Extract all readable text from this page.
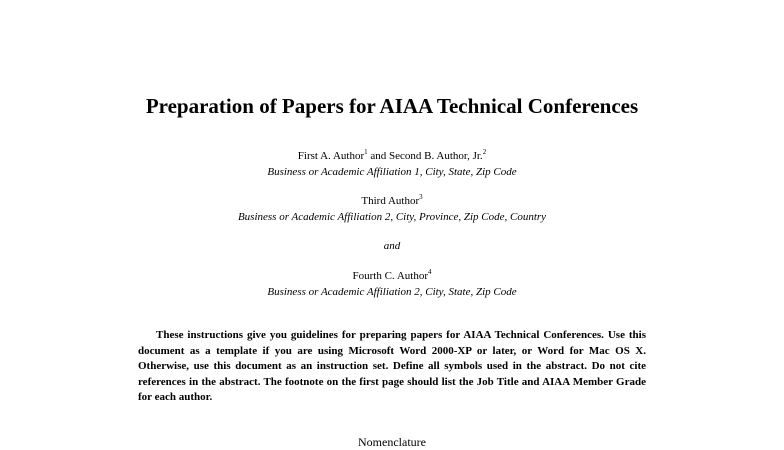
Preparation of Papers for AIAA Technical Conferences
First A. Author$^1$ and Second B. Author, Jr.$^2$
Business or Academic Affiliation 1, City, State, Zip Code
Third Author$^3$
Business or Academic Affiliation 2, City, Province, Zip Code, Country
and
Fourth C. Author$^4$
Business or Academic Affiliation 2, City, State, Zip Code

These instructions give you guidelines for preparing papers for AIAA Technical Conferences. Use this document as a template if you are using Microsoft Word 2000-XP or later, or Word for Mac OS X. Otherwise, use this document as an instruction set. Define all symbols used in the abstract. Do not cite references in the abstract. The footnote on the first page should list the Job Title and AIAA Member Grade for each author.

Nomenclature
